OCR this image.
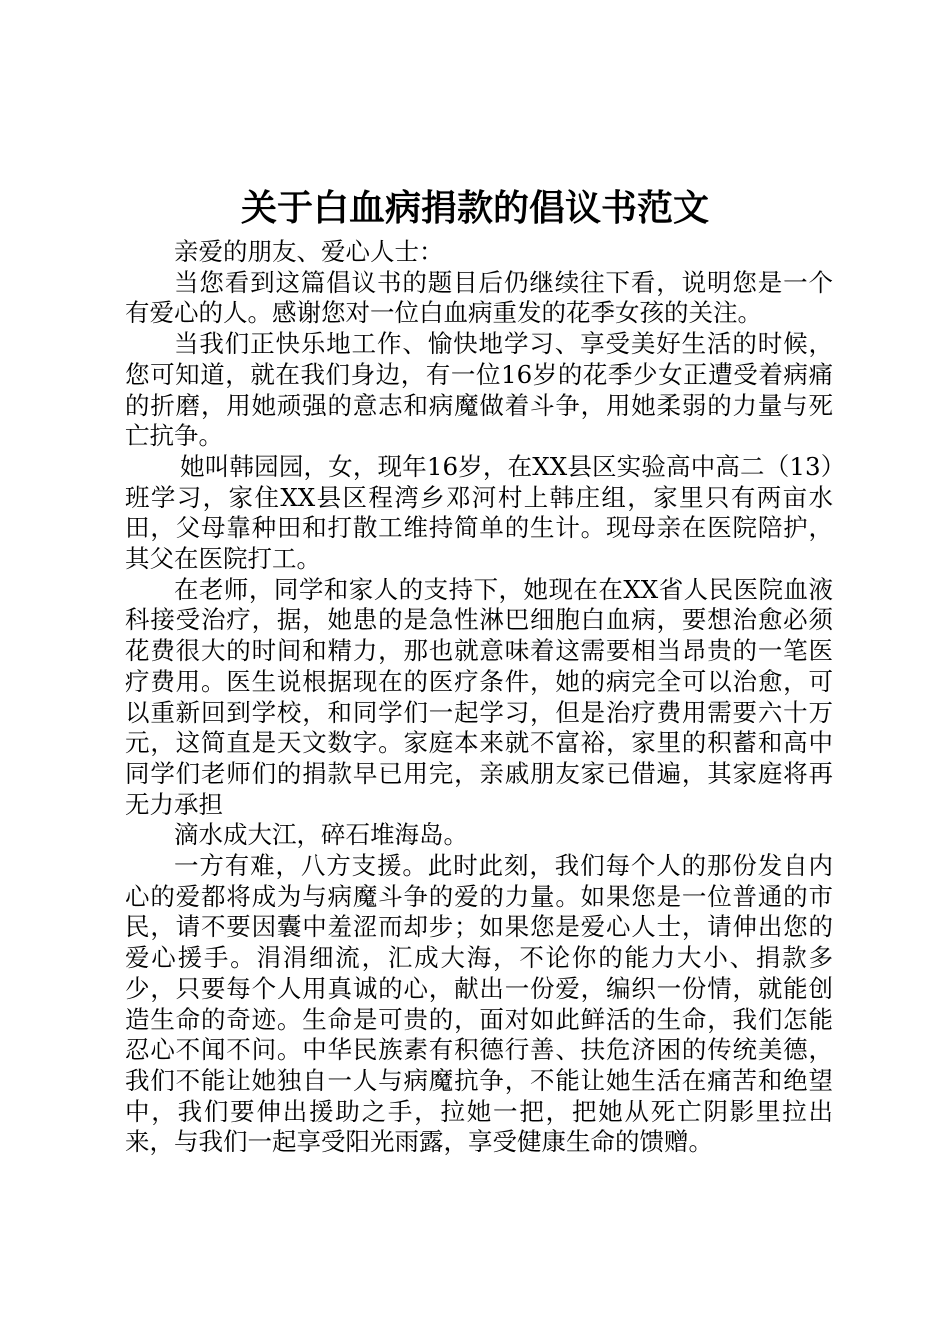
关于白血病捐款的倡议书范文

亲爱的朋友、爱心人士：

当您看到这篇倡议书的题目后仍继续往下看，说明您是一个有爱心的人。感谢您对一位白血病重发的花季女孩的关注。

当我们正快乐地工作、愉快地学习、享受美好生活的时候，您可知道，就在我们身边，有一位16岁的花季少女正遭受着病痛的折磨，用她顽强的意志和病魔做着斗争，用她柔弱的力量与死亡抗争。

她叫韩园园，女，现年16岁，在XX县区实验高中高二（13）班学习，家住XX县区程湾乡邓河村上韩庄组，家里只有两亩水田，父母靠种田和打散工维持简单的生计。现母亲在医院陪护，其父在医院打工。

在老师，同学和家人的支持下，她现在在XX省人民医院血液科接受治疗，据，她患的是急性淋巴细胞白血病，要想治愈必须花费很大的时间和精力，那也就意味着这需要相当昂贵的一笔医疗费用。医生说根据现在的医疗条件，她的病完全可以治愈，可以重新回到学校，和同学们一起学习，但是治疗费用需要六十万元，这简直是天文数字。家庭本来就不富裕，家里的积蓄和高中同学们老师们的捐款早已用完，亲戚朋友家已借遍，其家庭将再无力承担

滴水成大江，碎石堆海岛。

一方有难，八方支援。此时此刻，我们每个人的那份发自内心的爱都将成为与病魔斗争的爱的力量。如果您是一位普通的市民，请不要因囊中羞涩而却步；如果您是爱心人士，请伸出您的爱心援手。涓涓细流，汇成大海，不论你的能力大小、捐款多少，只要每个人用真诚的心，献出一份爱，编织一份情，就能创造生命的奇迹。生命是可贵的，面对如此鲜活的生命，我们怎能忍心不闻不问。中华民族素有积德行善、扶危济困的传统美德，我们不能让她独自一人与病魔抗争，不能让她生活在痛苦和绝望中，我们要伸出援助之手，拉她一把，把她从死亡阴影里拉出来，与我们一起享受阳光雨露，享受健康生命的馈赠。
